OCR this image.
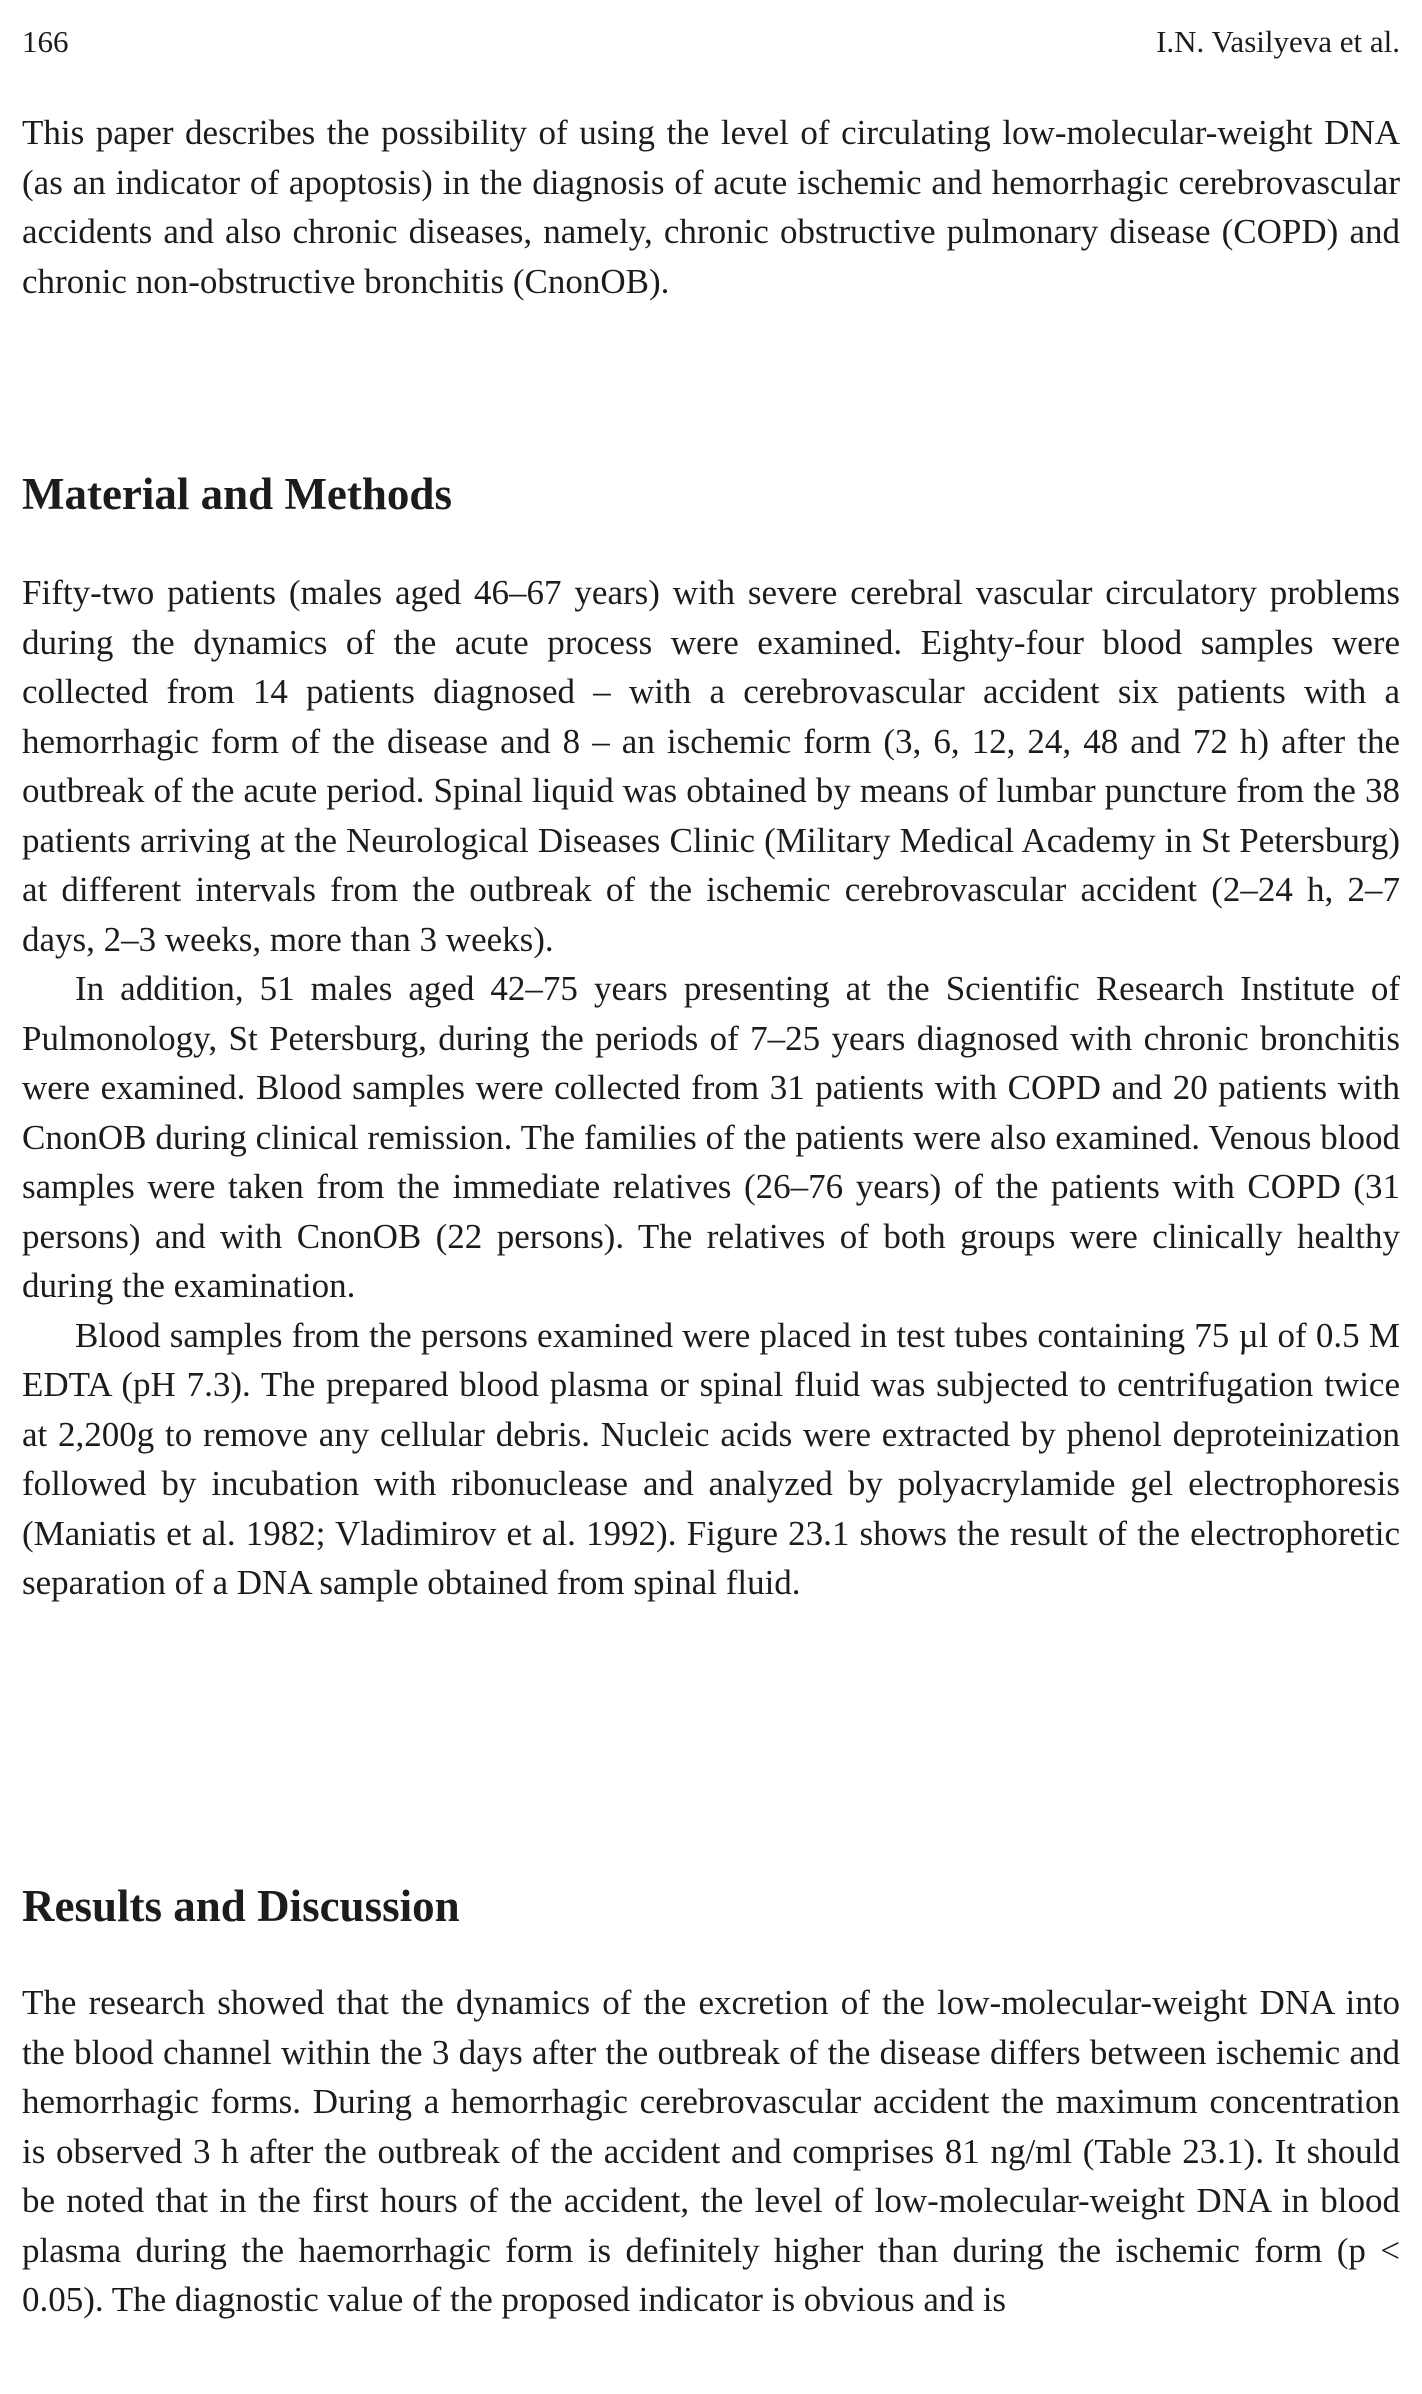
166	I.N. Vasilyeva et al.

This paper describes the possibility of using the level of circulating low-molecular-weight DNA (as an indicator of apoptosis) in the diagnosis of acute ischemic and hemorrhagic cerebrovascular accidents and also chronic diseases, namely, chronic obstructive pulmonary disease (COPD) and chronic non-obstructive bronchitis (CnonOB).

Material and Methods

Fifty-two patients (males aged 46–67 years) with severe cerebral vascular circulatory problems during the dynamics of the acute process were examined. Eighty-four blood samples were collected from 14 patients diagnosed – with a cerebrovascular accident six patients with a hemorrhagic form of the disease and 8 – an ischemic form (3, 6, 12, 24, 48 and 72 h) after the outbreak of the acute period. Spinal liquid was obtained by means of lumbar puncture from the 38 patients arriving at the Neurological Diseases Clinic (Military Medical Academy in St Petersburg) at different intervals from the outbreak of the ischemic cerebrovascular accident (2–24 h, 2–7 days, 2–3 weeks, more than 3 weeks).

In addition, 51 males aged 42–75 years presenting at the Scientific Research Institute of Pulmonology, St Petersburg, during the periods of 7–25 years diagnosed with chronic bronchitis were examined. Blood samples were collected from 31 patients with COPD and 20 patients with CnonOB during clinical remission. The families of the patients were also examined. Venous blood samples were taken from the immediate relatives (26–76 years) of the patients with COPD (31 persons) and with CnonOB (22 persons). The relatives of both groups were clinically healthy during the examination.

Blood samples from the persons examined were placed in test tubes containing 75 µl of 0.5 M EDTA (pH 7.3). The prepared blood plasma or spinal fluid was subjected to centrifugation twice at 2,200g to remove any cellular debris. Nucleic acids were extracted by phenol deproteinization followed by incubation with ribonuclease and analyzed by polyacrylamide gel electrophoresis (Maniatis et al. 1982; Vladimirov et al. 1992). Figure 23.1 shows the result of the electrophoretic separation of a DNA sample obtained from spinal fluid.

Results and Discussion

The research showed that the dynamics of the excretion of the low-molecular-weight DNA into the blood channel within the 3 days after the outbreak of the disease differs between ischemic and hemorrhagic forms. During a hemorrhagic cerebrovascular accident the maximum concentration is observed 3 h after the outbreak of the accident and comprises 81 ng/ml (Table 23.1). It should be noted that in the first hours of the accident, the level of low-molecular-weight DNA in blood plasma during the haemorrhagic form is definitely higher than during the ischemic form (p < 0.05). The diagnostic value of the proposed indicator is obvious and is
